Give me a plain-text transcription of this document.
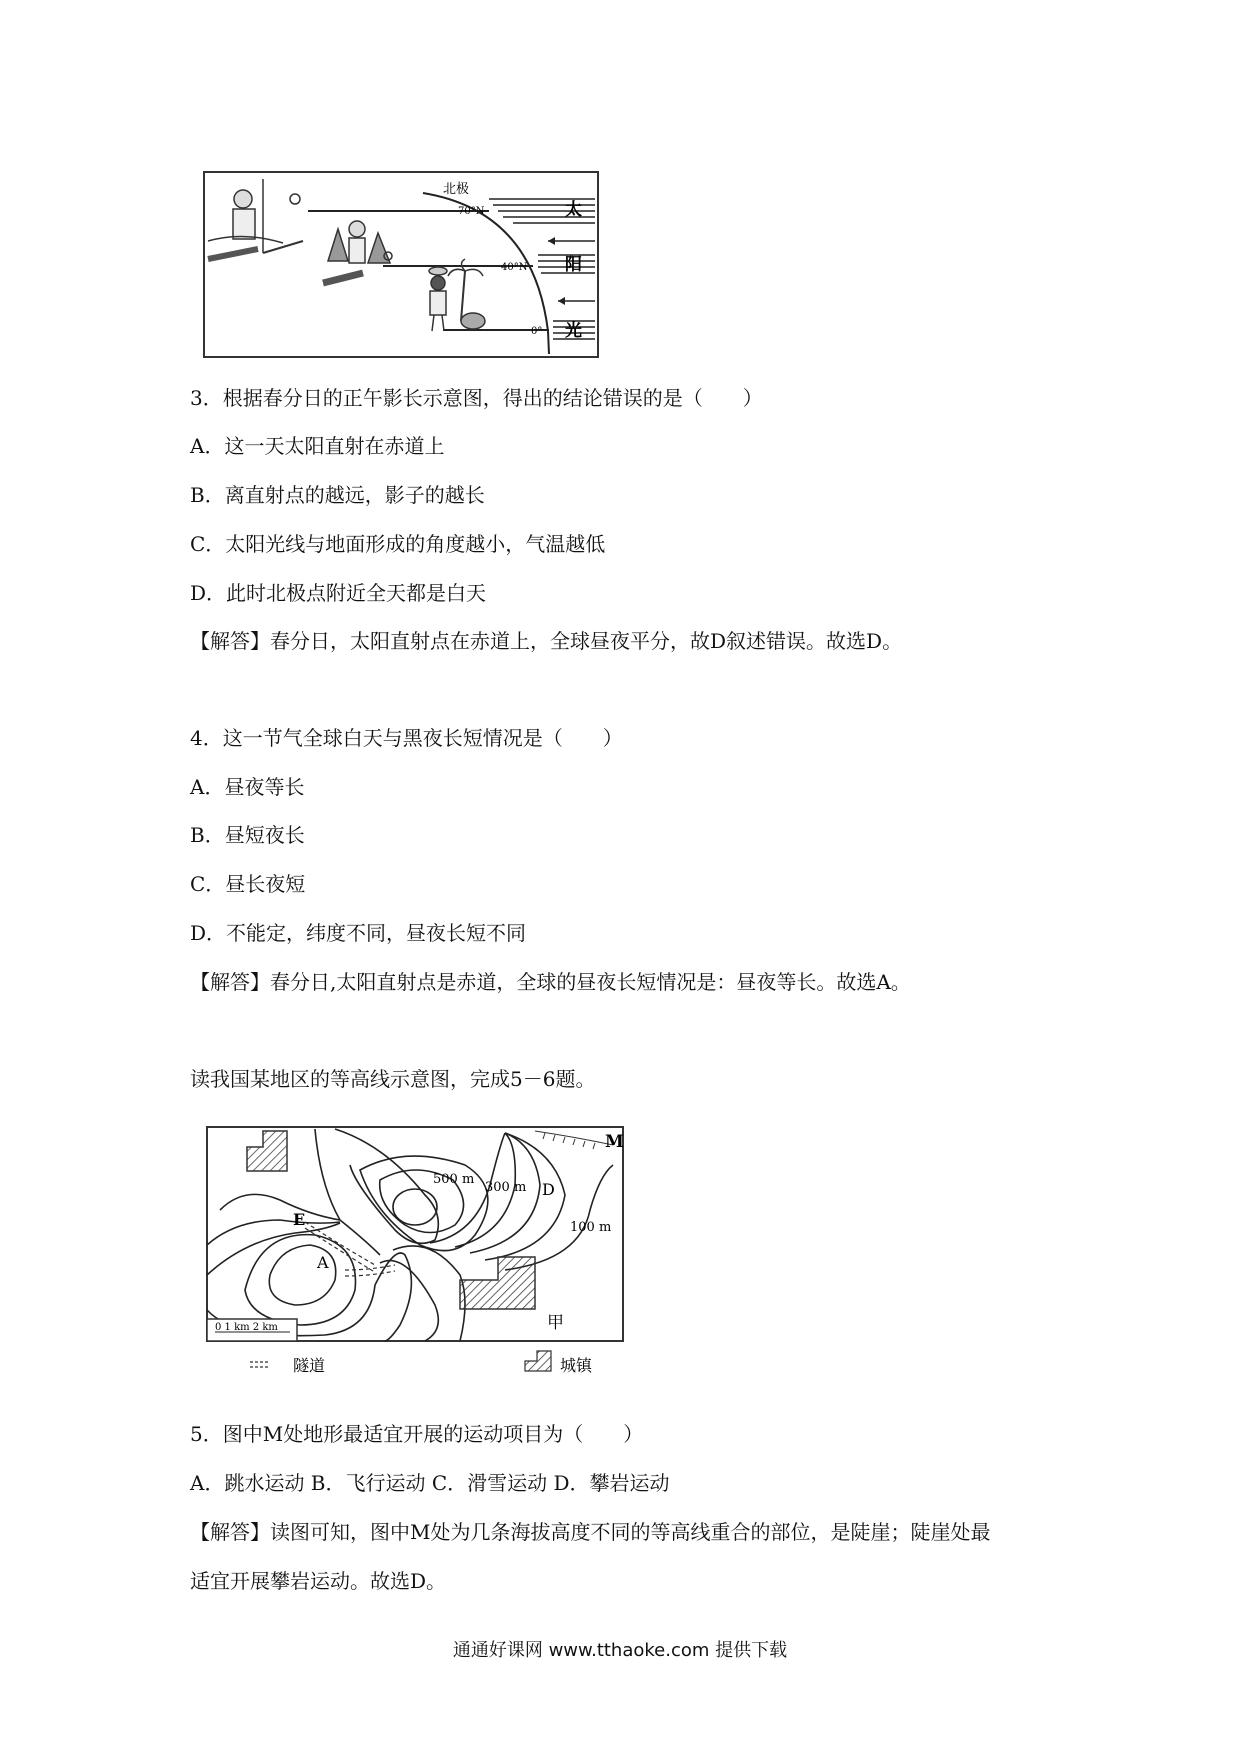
北极
70°N
40°N
0°
太
阳
光
3．根据春分日的正午影长示意图，得出的结论错误的是（　　）
A．这一天太阳直射在赤道上
B．离直射点的越远，影子的越长
C．太阳光线与地面形成的角度越小，气温越低
D．此时北极点附近全天都是白天
【解答】春分日，太阳直射点在赤道上，全球昼夜平分，故D叙述错误。故选D。
4．这一节气全球白天与黑夜长短情况是（　　）
A．昼夜等长
B．昼短夜长
C．昼长夜短
D．不能定，纬度不同，昼夜长短不同
【解答】春分日,太阳直射点是赤道，全球的昼夜长短情况是：昼夜等长。故选A。
读我国某地区的等高线示意图，完成5－6题。
M
E
D
A
500 m
300 m
100 m
甲
0 1 km 2 km
隧道	城镇
5．图中M处地形最适宜开展的运动项目为（　　）
A．跳水运动 B．飞行运动 C．滑雪运动 D．攀岩运动
【解答】读图可知，图中M处为几条海拔高度不同的等高线重合的部位，是陡崖；陡崖处最
适宜开展攀岩运动。故选D。
通通好课网 www.tthaoke.com 提供下载
